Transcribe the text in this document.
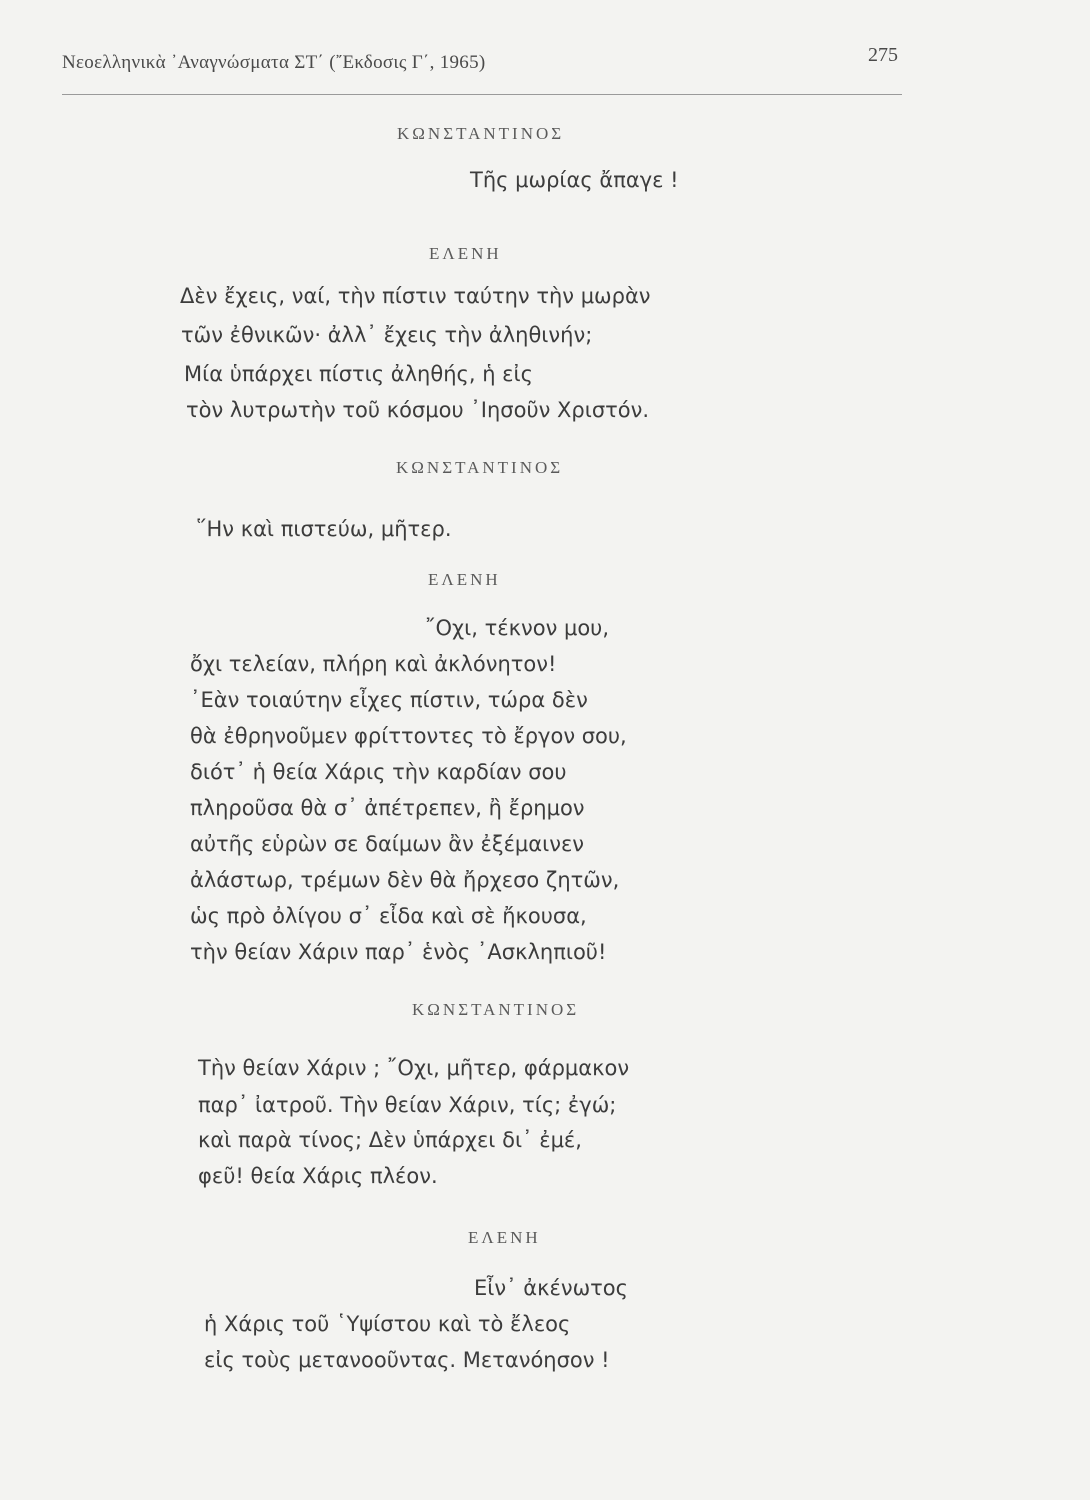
Νεοελληνικὰ ᾿Αναγνώσματα ΣΤ΄ (῎Εκδοσις Γ΄, 1965)	275
ΚΩΝΣΤΑΝΤΙΝΟΣ
Τῆς μωρίας ἄπαγε !
ΕΛΕΝΗ
Δὲν ἔχεις, ναί, τὴν πίστιν ταύτην τὴν μωρὰν
τῶν ἐθνικῶν· ἀλλ᾿ ἔχεις τὴν ἀληθινήν;
Μία ὑπάρχει πίστις ἀληθής, ἡ εἰς
τὸν λυτρωτὴν τοῦ κόσμου ᾿Ιησοῦν Χριστόν.
ΚΩΝΣΤΑΝΤΙΝΟΣ
῞Ην καὶ πιστεύω, μῆτερ.
ΕΛΕΝΗ
῎Οχι, τέκνον μου,
ὄχι τελείαν, πλήρη καὶ ἀκλόνητον!
᾿Εὰν τοιαύτην εἶχες πίστιν, τώρα δὲν
θὰ ἐθρηνοῦμεν φρίττοντες τὸ ἔργον σου,
διότ᾿ ἡ θεία Χάρις τὴν καρδίαν σου
πληροῦσα θὰ σ᾿ ἀπέτρεπεν, ἢ ἔρημον
αὐτῆς εὑρὼν σε δαίμων ἂν ἐξέμαινεν
ἀλάστωρ, τρέμων δὲν θὰ ἤρχεσο ζητῶν,
ὡς πρὸ ὀλίγου σ᾿ εἶδα καὶ σὲ ἤκουσα,
τὴν θείαν Χάριν παρ᾿ ἑνὸς ᾿Ασκληπιοῦ!
ΚΩΝΣΤΑΝΤΙΝΟΣ
Τὴν θείαν Χάριν ; ῎Οχι, μῆτερ, φάρμακον
παρ᾿ ἰατροῦ. Τὴν θείαν Χάριν, τίς; ἐγώ;
καὶ παρὰ τίνος; Δὲν ὑπάρχει δι᾿ ἐμέ,
φεῦ! θεία Χάρις πλέον.
ΕΛΕΝΗ
Εἶν᾿ ἀκένωτος
ἡ Χάρις τοῦ ῾Υψίστου καὶ τὸ ἔλεος
εἰς τοὺς μετανοοῦντας. Μετανόησον !
